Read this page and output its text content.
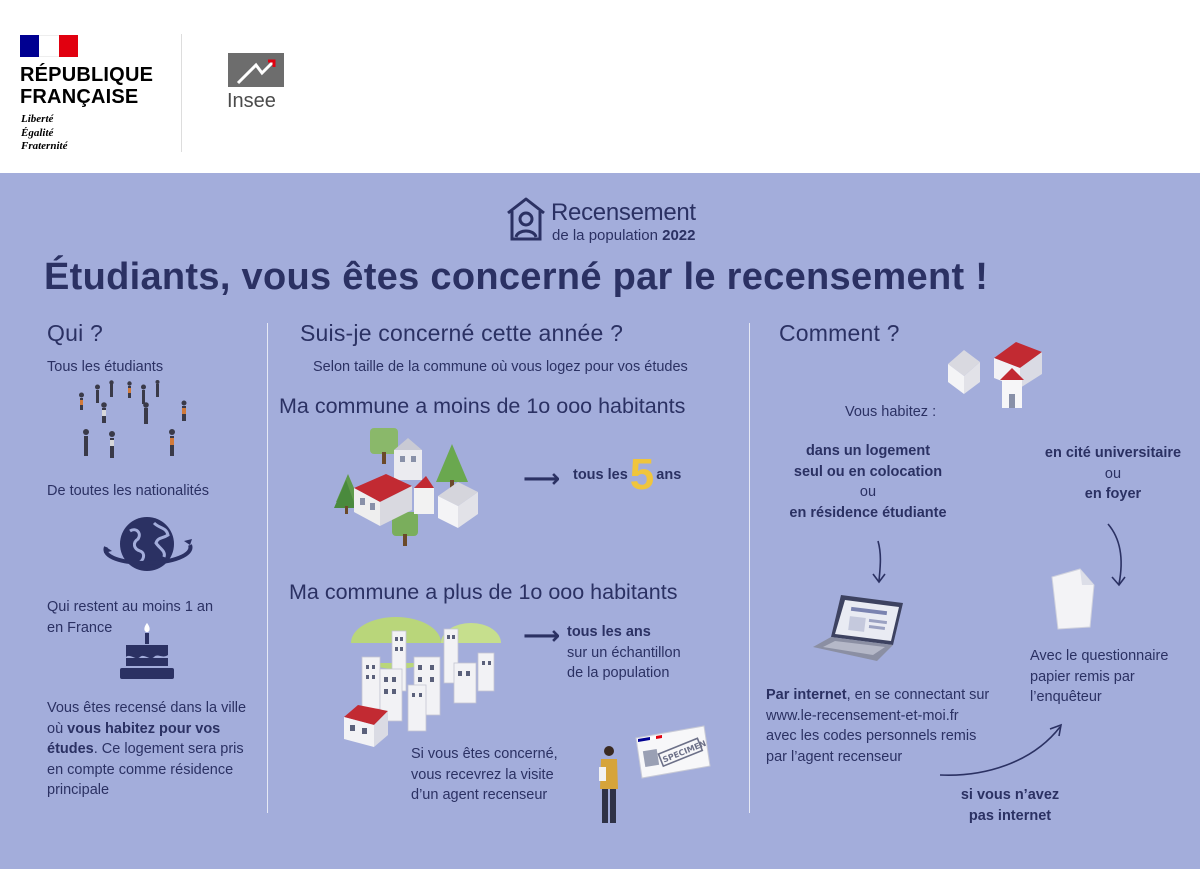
RÉPUBLIQUE
FRANÇAISE
Liberté
Égalité
Fraternité
Insee
Recensement
de la population 2022
Étudiants, vous êtes concerné par le recensement !
Qui ?
Tous les étudiants
De toutes les nationalités
Qui restent au moins 1 an
en France
Vous êtes recensé dans la ville
où vous habitez pour vos
études. Ce logement sera pris
en compte comme résidence
principale
Suis-je concerné cette année ?
Selon taille de la commune où vous logez pour vos études
Ma commune a moins de 1o ooo habitants
⟶ tous les5 ans
Ma commune a plus de 1o ooo habitants
⟶ tous les ans
sur un échantillon
de la population
Si vous êtes concerné,
vous recevrez la visite
d’un agent recenseur
SPECIMEN
Comment ?
Vous habitez :
dans un logement
seul ou en colocation
ou
en résidence étudiante
en cité universitaire
ou
en foyer
Par internet, en se connectant sur
www.le-recensement-et-moi.fr
avec les codes personnels remis
par l’agent recenseur
Avec le questionnaire
papier remis par
l’enquêteur
si vous n’avez
pas internet
